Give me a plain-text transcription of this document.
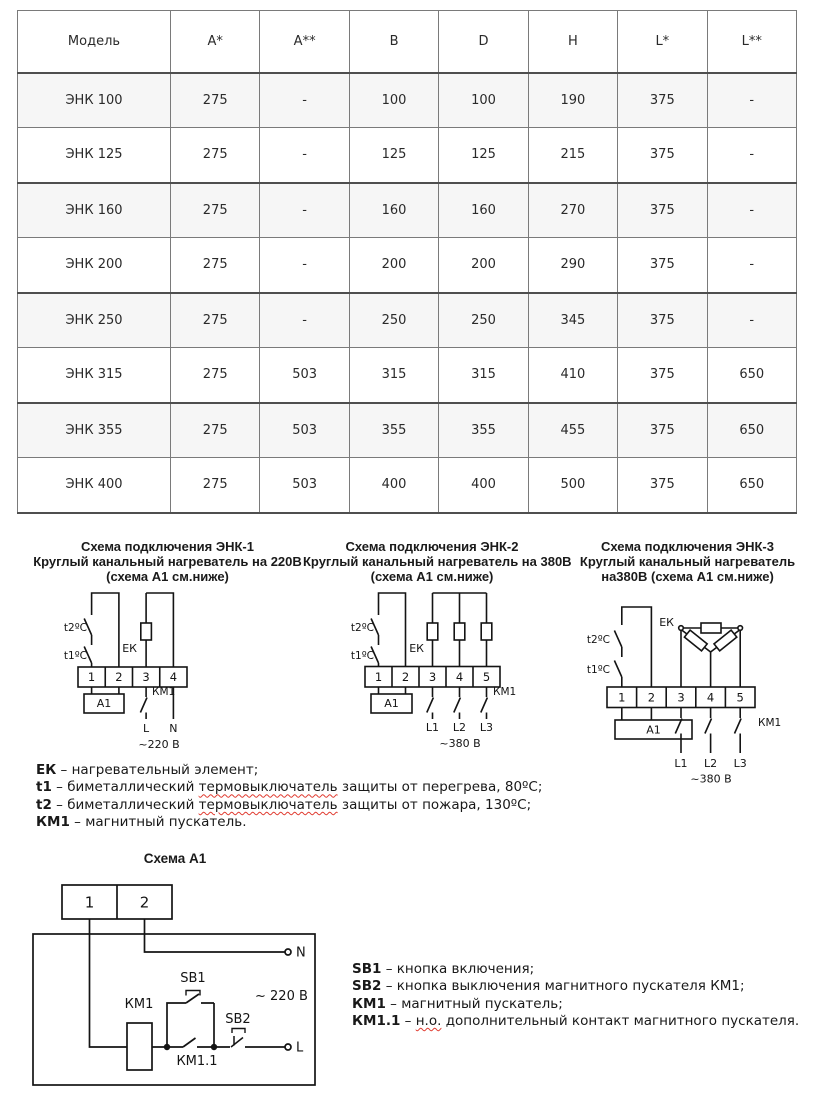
Модель	A*	A**	B	D	H	L*	L**
ЭНК 100	275	-	100	100	190	375	-
ЭНК 125	275	-	125	125	215	375	-
ЭНК 160	275	-	160	160	270	375	-
ЭНК 200	275	-	200	200	290	375	-
ЭНК 250	275	-	250	250	345	375	-
ЭНК 315	275	503	315	315	410	375	650
ЭНК 355	275	503	355	355	455	375	650
ЭНК 400	275	503	400	400	500	375	650
Схема подключения ЭНК-1
Круглый канальный нагреватель на 220В
(схема А1 см.ниже)
Схема подключения ЭНК-2
Круглый канальный нагреватель на 380В
(схема А1 см.ниже)
Схема подключения ЭНК-3
Круглый канальный нагреватель
на380В (схема А1 см.ниже)
t2ºC
t1ºC
ЕК
1 2 3 4
А1
КМ1
L N
~220 В
t2ºC
t1ºC
ЕК
1 2 3 4 5
А1
КМ1
L1 L2 L3
~380 В
t2ºC
t1ºC
ЕК
1 2 3 4 5
А1
КМ1
L1 L2 L3
~380 В
ЕК – нагревательный элемент;
t1 – биметаллический термовыключатель защиты от перегрева, 80ºС;
t2 – биметаллический термовыключатель защиты от пожара, 130ºС;
КМ1 – магнитный пускатель.
Схема А1
1	2
N
КМ1
SB1
SB2
КМ1.1
L
~ 220 В
SB1 – кнопка включения;
SB2 – кнопка выключения магнитного пускателя КМ1;
КМ1 – магнитный пускатель;
КМ1.1 – н.о. дополнительный контакт магнитного пускателя.
